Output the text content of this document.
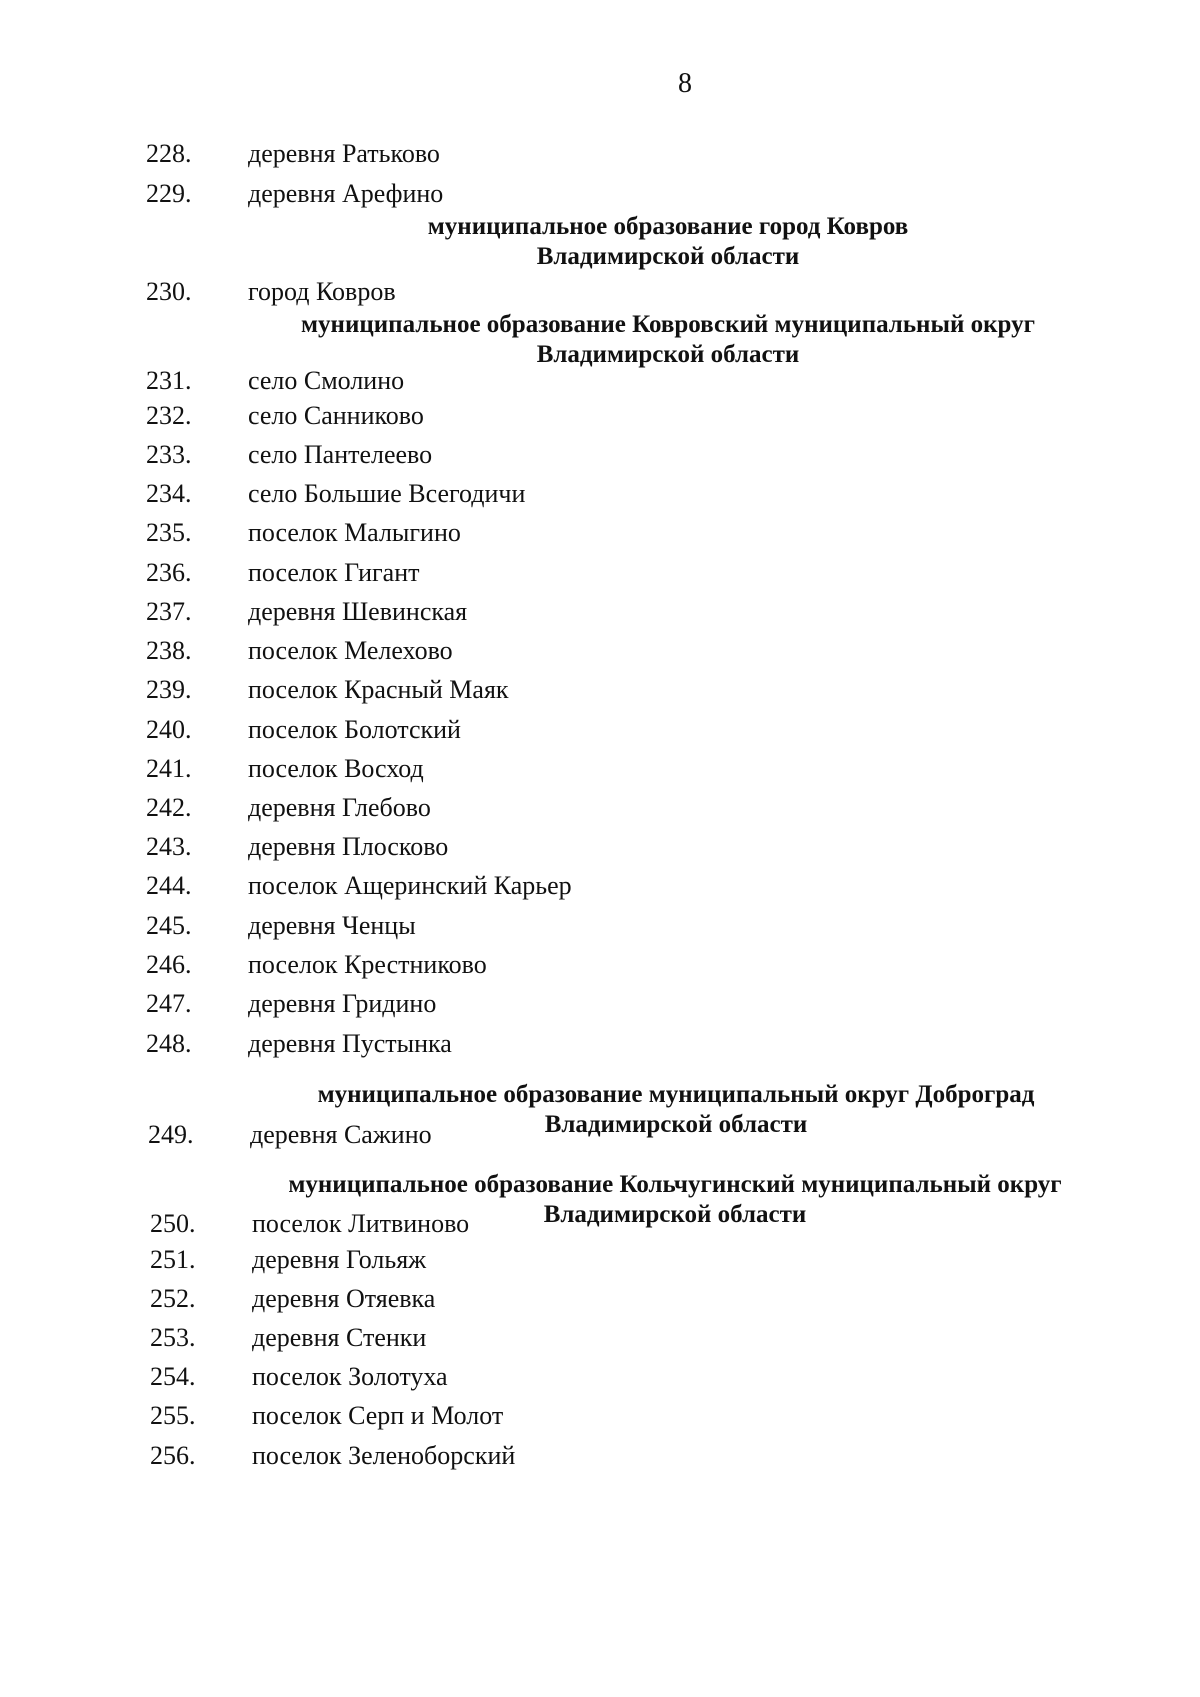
8
228. деревня Ратьково
229. деревня Арефино
муниципальное образование город Ковров
Владимирской области
230. город Ковров
муниципальное образование Ковровский муниципальный округ
Владимирской области
231. село Смолино
232. село Санниково
233. село Пантелеево
234. село Большие Всегодичи
235. поселок Малыгино
236. поселок Гигант
237. деревня Шевинская
238. поселок Мелехово
239. поселок Красный Маяк
240. поселок Болотский
241. поселок Восход
242. деревня Глебово
243. деревня Плосково
244. поселок Ащеринский Карьер
245. деревня Ченцы
246. поселок Крестниково
247. деревня Гридино
248. деревня Пустынка
муниципальное образование муниципальный округ Доброград
Владимирской области
249. деревня Сажино
муниципальное образование Кольчугинский муниципальный округ
Владимирской области
250. поселок Литвиново
251. деревня Гольяж
252. деревня Отяевка
253. деревня Стенки
254. поселок Золотуха
255. поселок Серп и Молот
256. поселок Зеленоборский
